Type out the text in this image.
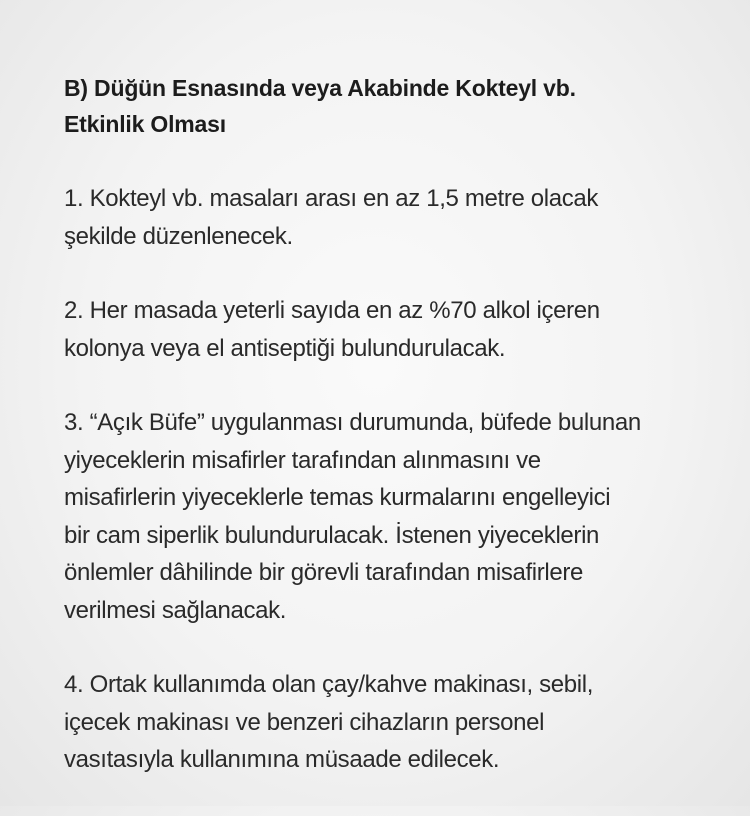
B) Düğün Esnasında veya Akabinde Kokteyl vb.
Etkinlik Olması

1. Kokteyl vb. masaları arası en az 1,5 metre olacak
şekilde düzenlenecek.

2. Her masada yeterli sayıda en az %70 alkol içeren
kolonya veya el antiseptiği bulundurulacak.

3. “Açık Büfe” uygulanması durumunda, büfede bulunan
yiyeceklerin misafirler tarafından alınmasını ve
misafirlerin yiyeceklerle temas kurmalarını engelleyici
bir cam siperlik bulundurulacak. İstenen yiyeceklerin
önlemler dâhilinde bir görevli tarafından misafirlere
verilmesi sağlanacak.

4. Ortak kullanımda olan çay/kahve makinası, sebil,
içecek makinası ve benzeri cihazların personel
vasıtasıyla kullanımına müsaade edilecek.
